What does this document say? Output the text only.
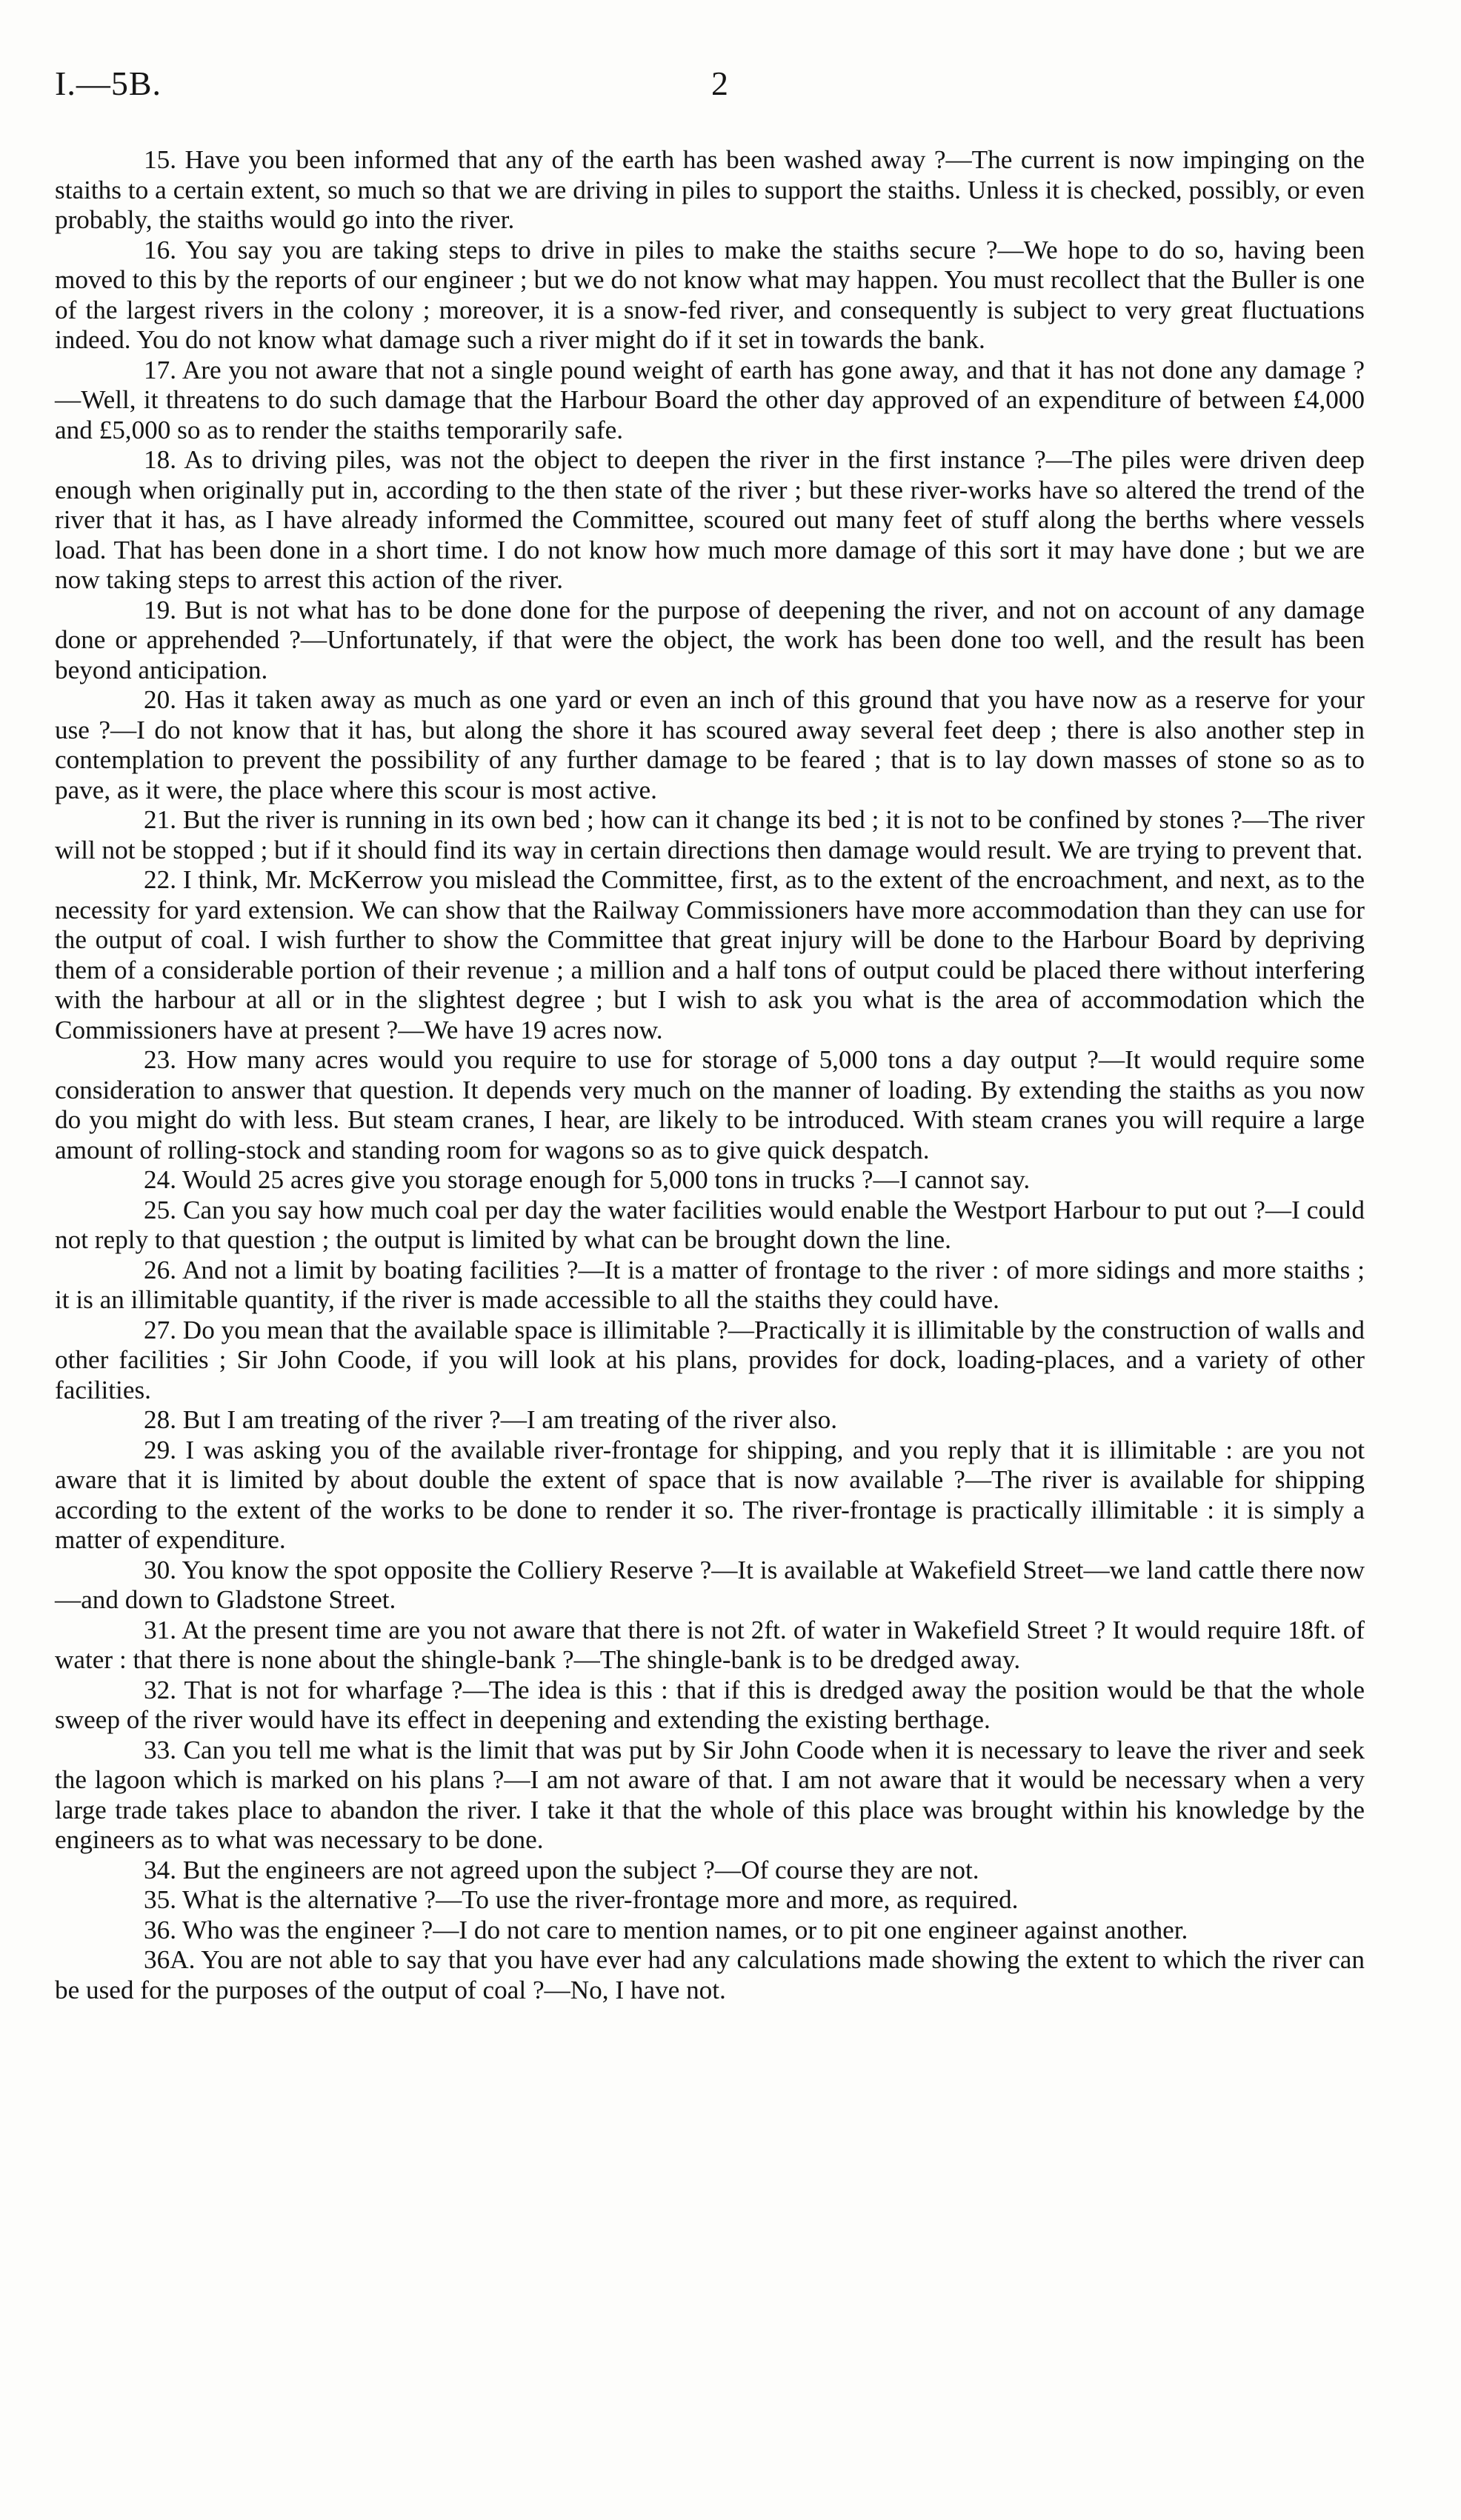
I.—5B.	2

15. Have you been informed that any of the earth has been washed away ?—The current is now impinging on the staiths to a certain extent, so much so that we are driving in piles to support the staiths. Unless it is checked, possibly, or even probably, the staiths would go into the river.

16. You say you are taking steps to drive in piles to make the staiths secure ?—We hope to do so, having been moved to this by the reports of our engineer ; but we do not know what may happen. You must recollect that the Buller is one of the largest rivers in the colony ; moreover, it is a snow-fed river, and consequently is subject to very great fluctuations indeed. You do not know what damage such a river might do if it set in towards the bank.

17. Are you not aware that not a single pound weight of earth has gone away, and that it has not done any damage ?—Well, it threatens to do such damage that the Harbour Board the other day approved of an expenditure of between £4,000 and £5,000 so as to render the staiths temporarily safe.

18. As to driving piles, was not the object to deepen the river in the first instance ?—The piles were driven deep enough when originally put in, according to the then state of the river ; but these river-works have so altered the trend of the river that it has, as I have already informed the Committee, scoured out many feet of stuff along the berths where vessels load. That has been done in a short time. I do not know how much more damage of this sort it may have done ; but we are now taking steps to arrest this action of the river.

19. But is not what has to be done done for the purpose of deepening the river, and not on account of any damage done or apprehended ?—Unfortunately, if that were the object, the work has been done too well, and the result has been beyond anticipation.

20. Has it taken away as much as one yard or even an inch of this ground that you have now as a reserve for your use ?—I do not know that it has, but along the shore it has scoured away several feet deep ; there is also another step in contemplation to prevent the possibility of any further damage to be feared ; that is to lay down masses of stone so as to pave, as it were, the place where this scour is most active.

21. But the river is running in its own bed ; how can it change its bed ; it is not to be confined by stones ?—The river will not be stopped ; but if it should find its way in certain directions then damage would result. We are trying to prevent that.

22. I think, Mr. McKerrow you mislead the Committee, first, as to the extent of the encroachment, and next, as to the necessity for yard extension. We can show that the Railway Commissioners have more accommodation than they can use for the output of coal. I wish further to show the Committee that great injury will be done to the Harbour Board by depriving them of a considerable portion of their revenue ; a million and a half tons of output could be placed there without interfering with the harbour at all or in the slightest degree ; but I wish to ask you what is the area of accommodation which the Commissioners have at present ?—We have 19 acres now.

23. How many acres would you require to use for storage of 5,000 tons a day output ?—It would require some consideration to answer that question. It depends very much on the manner of loading. By extending the staiths as you now do you might do with less. But steam cranes, I hear, are likely to be introduced. With steam cranes you will require a large amount of rolling-stock and standing room for wagons so as to give quick despatch.

24. Would 25 acres give you storage enough for 5,000 tons in trucks ?—I cannot say.

25. Can you say how much coal per day the water facilities would enable the Westport Harbour to put out ?—I could not reply to that question ; the output is limited by what can be brought down the line.

26. And not a limit by boating facilities ?—It is a matter of frontage to the river : of more sidings and more staiths ; it is an illimitable quantity, if the river is made accessible to all the staiths they could have.

27. Do you mean that the available space is illimitable ?—Practically it is illimitable by the construction of walls and other facilities ; Sir John Coode, if you will look at his plans, provides for dock, loading-places, and a variety of other facilities.

28. But I am treating of the river ?—I am treating of the river also.

29. I was asking you of the available river-frontage for shipping, and you reply that it is illimitable : are you not aware that it is limited by about double the extent of space that is now available ?—The river is available for shipping according to the extent of the works to be done to render it so. The river-frontage is practically illimitable : it is simply a matter of expenditure.

30. You know the spot opposite the Colliery Reserve ?—It is available at Wakefield Street—we land cattle there now—and down to Gladstone Street.

31. At the present time are you not aware that there is not 2ft. of water in Wakefield Street ? It would require 18ft. of water : that there is none about the shingle-bank ?—The shingle-bank is to be dredged away.

32. That is not for wharfage ?—The idea is this : that if this is dredged away the position would be that the whole sweep of the river would have its effect in deepening and extending the existing berthage.

33. Can you tell me what is the limit that was put by Sir John Coode when it is necessary to leave the river and seek the lagoon which is marked on his plans ?—I am not aware of that. I am not aware that it would be necessary when a very large trade takes place to abandon the river. I take it that the whole of this place was brought within his knowledge by the engineers as to what was necessary to be done.

34. But the engineers are not agreed upon the subject ?—Of course they are not.

35. What is the alternative ?—To use the river-frontage more and more, as required.

36. Who was the engineer ?—I do not care to mention names, or to pit one engineer against another.

36A. You are not able to say that you have ever had any calculations made showing the extent to which the river can be used for the purposes of the output of coal ?—No, I have not.
